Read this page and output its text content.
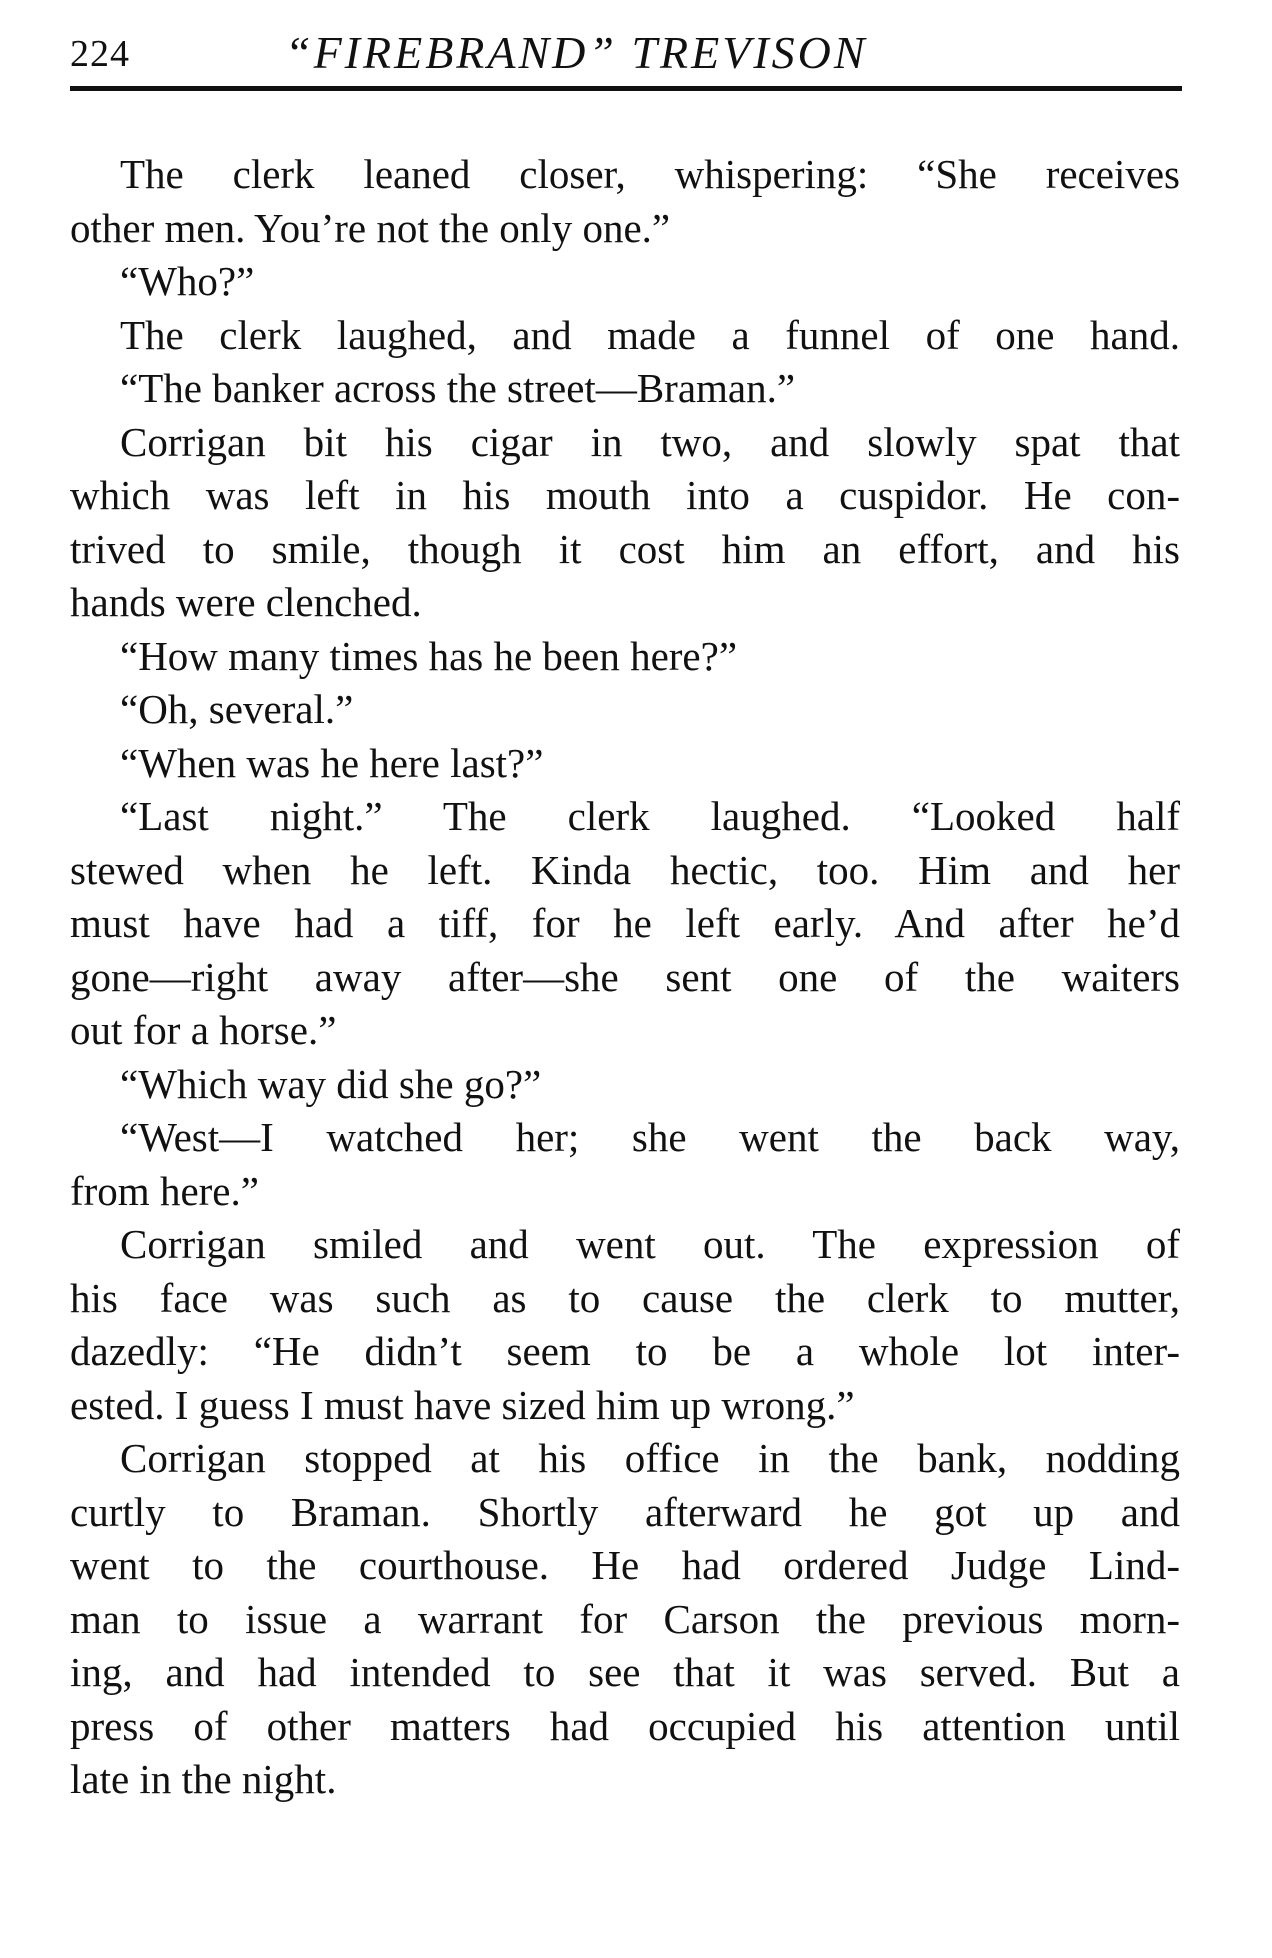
224	“FIREBRAND” TREVISON
The clerk leaned closer, whispering: “She receives
other men. You’re not the only one.”
“Who?”
The clerk laughed, and made a funnel of one hand.
“The banker across the street—Braman.”
Corrigan bit his cigar in two, and slowly spat that
which was left in his mouth into a cuspidor. He con-
trived to smile, though it cost him an effort, and his
hands were clenched.
“How many times has he been here?”
“Oh, several.”
“When was he here last?”
“Last night.” The clerk laughed. “Looked half
stewed when he left. Kinda hectic, too. Him and her
must have had a tiff, for he left early. And after he’d
gone—right away after—she sent one of the waiters
out for a horse.”
“Which way did she go?”
“West—I watched her; she went the back way,
from here.”
Corrigan smiled and went out. The expression of
his face was such as to cause the clerk to mutter,
dazedly: “He didn’t seem to be a whole lot inter-
ested. I guess I must have sized him up wrong.”
Corrigan stopped at his office in the bank, nodding
curtly to Braman. Shortly afterward he got up and
went to the courthouse. He had ordered Judge Lind-
man to issue a warrant for Carson the previous morn-
ing, and had intended to see that it was served. But a
press of other matters had occupied his attention until
late in the night.
